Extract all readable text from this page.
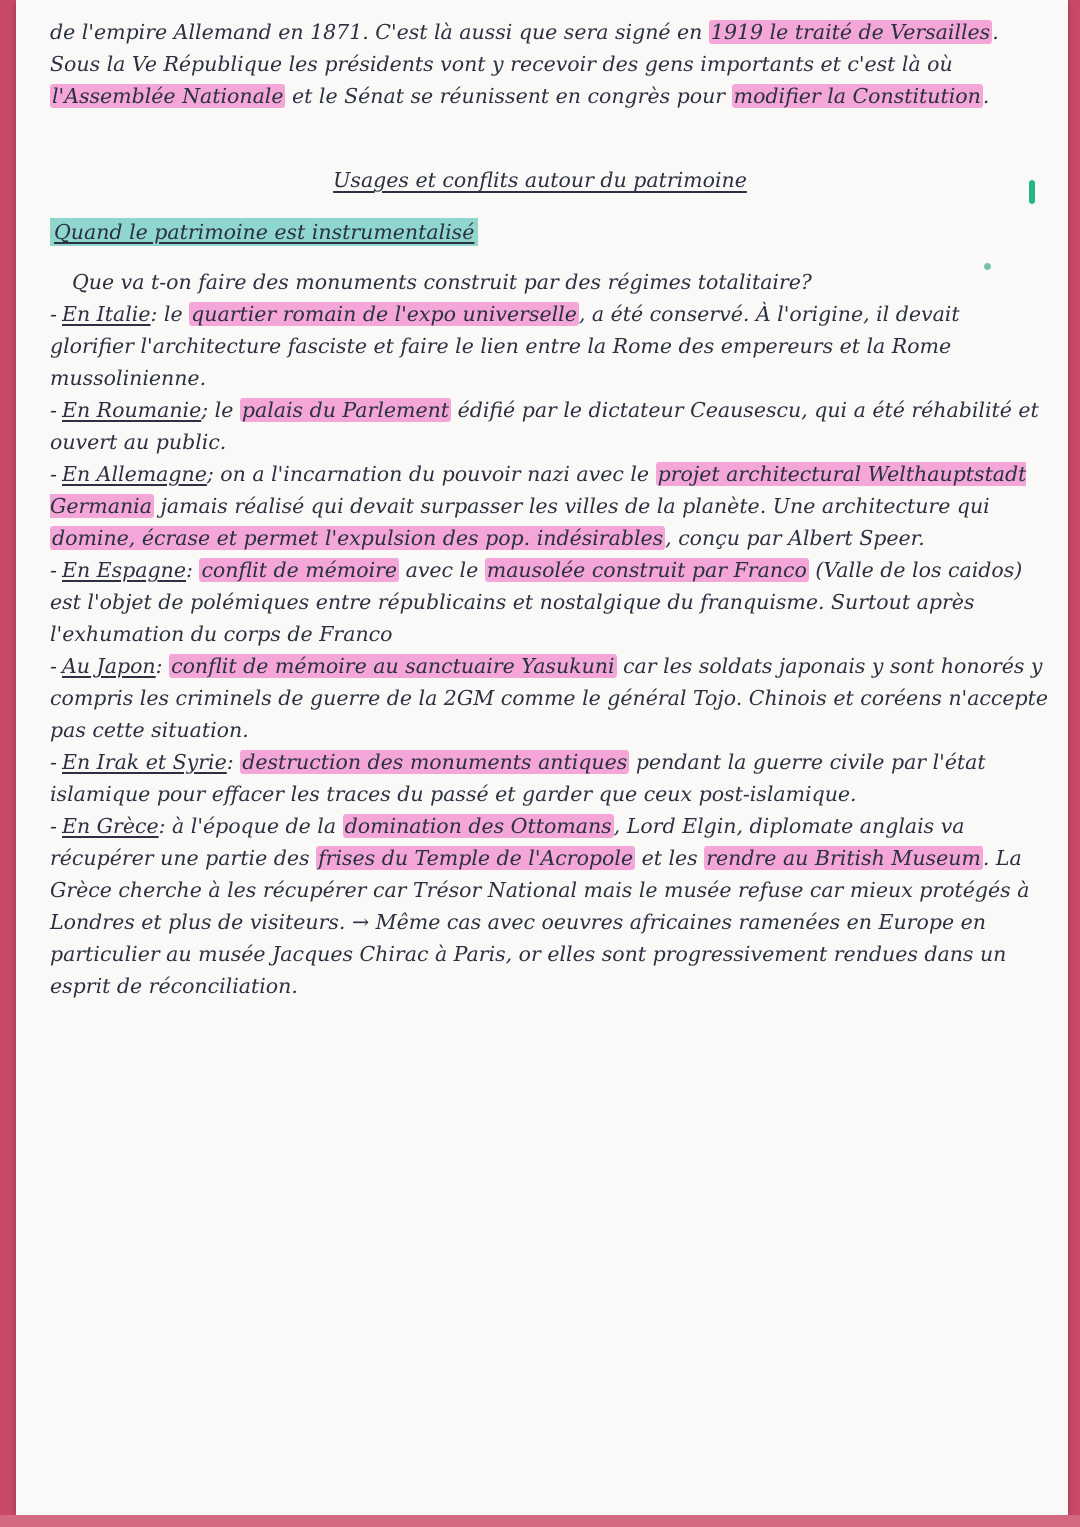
de l'empire Allemand en 1871. C'est là aussi que sera signé en 1919 le traité de Versailles. Sous la Ve République les présidents vont y recevoir des gens importants et c'est là où l'Assemblée Nationale et le Sénat se réunissent en congrès pour modifier la Constitution.

Usages et conflits autour du patrimoine
Quand le patrimoine est instrumentalisé

Que va t-on faire des monuments construit par des régimes totalitaire?

- En Italie: le quartier romain de l'expo universelle, a été conservé. À l'origine, il devait glorifier l'architecture fasciste et faire le lien entre la Rome des empereurs et la Rome mussolinienne.

- En Roumanie; le palais du Parlement édifié par le dictateur Ceausescu, qui a été réhabilité et ouvert au public.

- En Allemagne; on a l'incarnation du pouvoir nazi avec le projet architectural Welthauptstadt Germania jamais réalisé qui devait surpasser les villes de la planète. Une architecture qui domine, écrase et permet l'expulsion des pop. indésirables, conçu par Albert Speer.

- En Espagne: conflit de mémoire avec le mausolée construit par Franco (Valle de los caidos) est l'objet de polémiques entre républicains et nostalgique du franquisme. Surtout après l'exhumation du corps de Franco

- Au Japon: conflit de mémoire au sanctuaire Yasukuni car les soldats japonais y sont honorés y compris les criminels de guerre de la 2GM comme le général Tojo. Chinois et coréens n'accepte pas cette situation.

- En Irak et Syrie: destruction des monuments antiques pendant la guerre civile par l'état islamique pour effacer les traces du passé et garder que ceux post-islamique.

- En Grèce: à l'époque de la domination des Ottomans, Lord Elgin, diplomate anglais va récupérer une partie des frises du Temple de l'Acropole et les rendre au British Museum. La Grèce cherche à les récupérer car Trésor National mais le musée refuse car mieux protégés à Londres et plus de visiteurs. → Même cas avec oeuvres africaines ramenées en Europe en particulier au musée Jacques Chirac à Paris, or elles sont progressivement rendues dans un esprit de réconciliation.
